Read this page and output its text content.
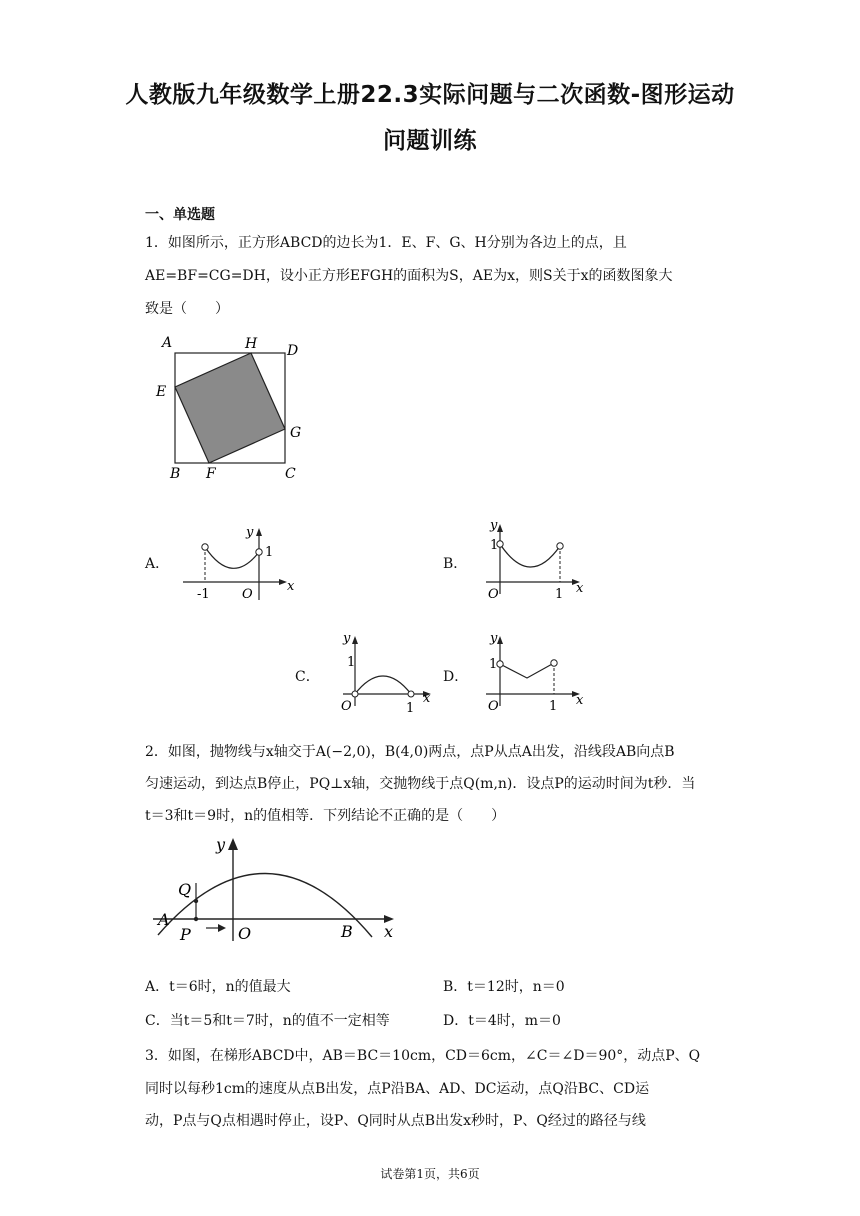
人教版九年级数学上册22.3实际问题与二次函数-图形运动
问题训练
一、单选题
1．如图所示，正方形ABCD的边长为1．E、F、G、H分别为各边上的点，且
AE=BF=CG=DH，设小正方形EFGH的面积为S，AE为x，则S关于x的函数图象大
致是（　　）
A	H D
E
G
B F	C
A．
y
1
x
-1 O
B．
y
1
x
O	1
C．
y
1
x
O	1
D．
y
1
x
O	1
2．如图，抛物线与x轴交于A(−2,0)，B(4,0)两点，点P从点A出发，沿线段AB向点B
匀速运动，到达点B停止，PQ⊥x轴，交抛物线于点Q(m,n)．设点P的运动时间为t秒．当
t＝3和t＝9时，n的值相等．下列结论不正确的是（　　）
y
Q
A
P	O	B x
A．t＝6时，n的值最大	B．t＝12时，n＝0
C．当t＝5和t＝7时，n的值不一定相等	D．t＝4时，m＝0
3．如图，在梯形ABCD中，AB＝BC＝10cm，CD＝6cm，∠C＝∠D＝90°，动点P、Q
同时以每秒1cm的速度从点B出发，点P沿BA、AD、DC运动，点Q沿BC、CD运
动，P点与Q点相遇时停止，设P、Q同时从点B出发x秒时，P、Q经过的路径与线
试卷第1页，共6页
